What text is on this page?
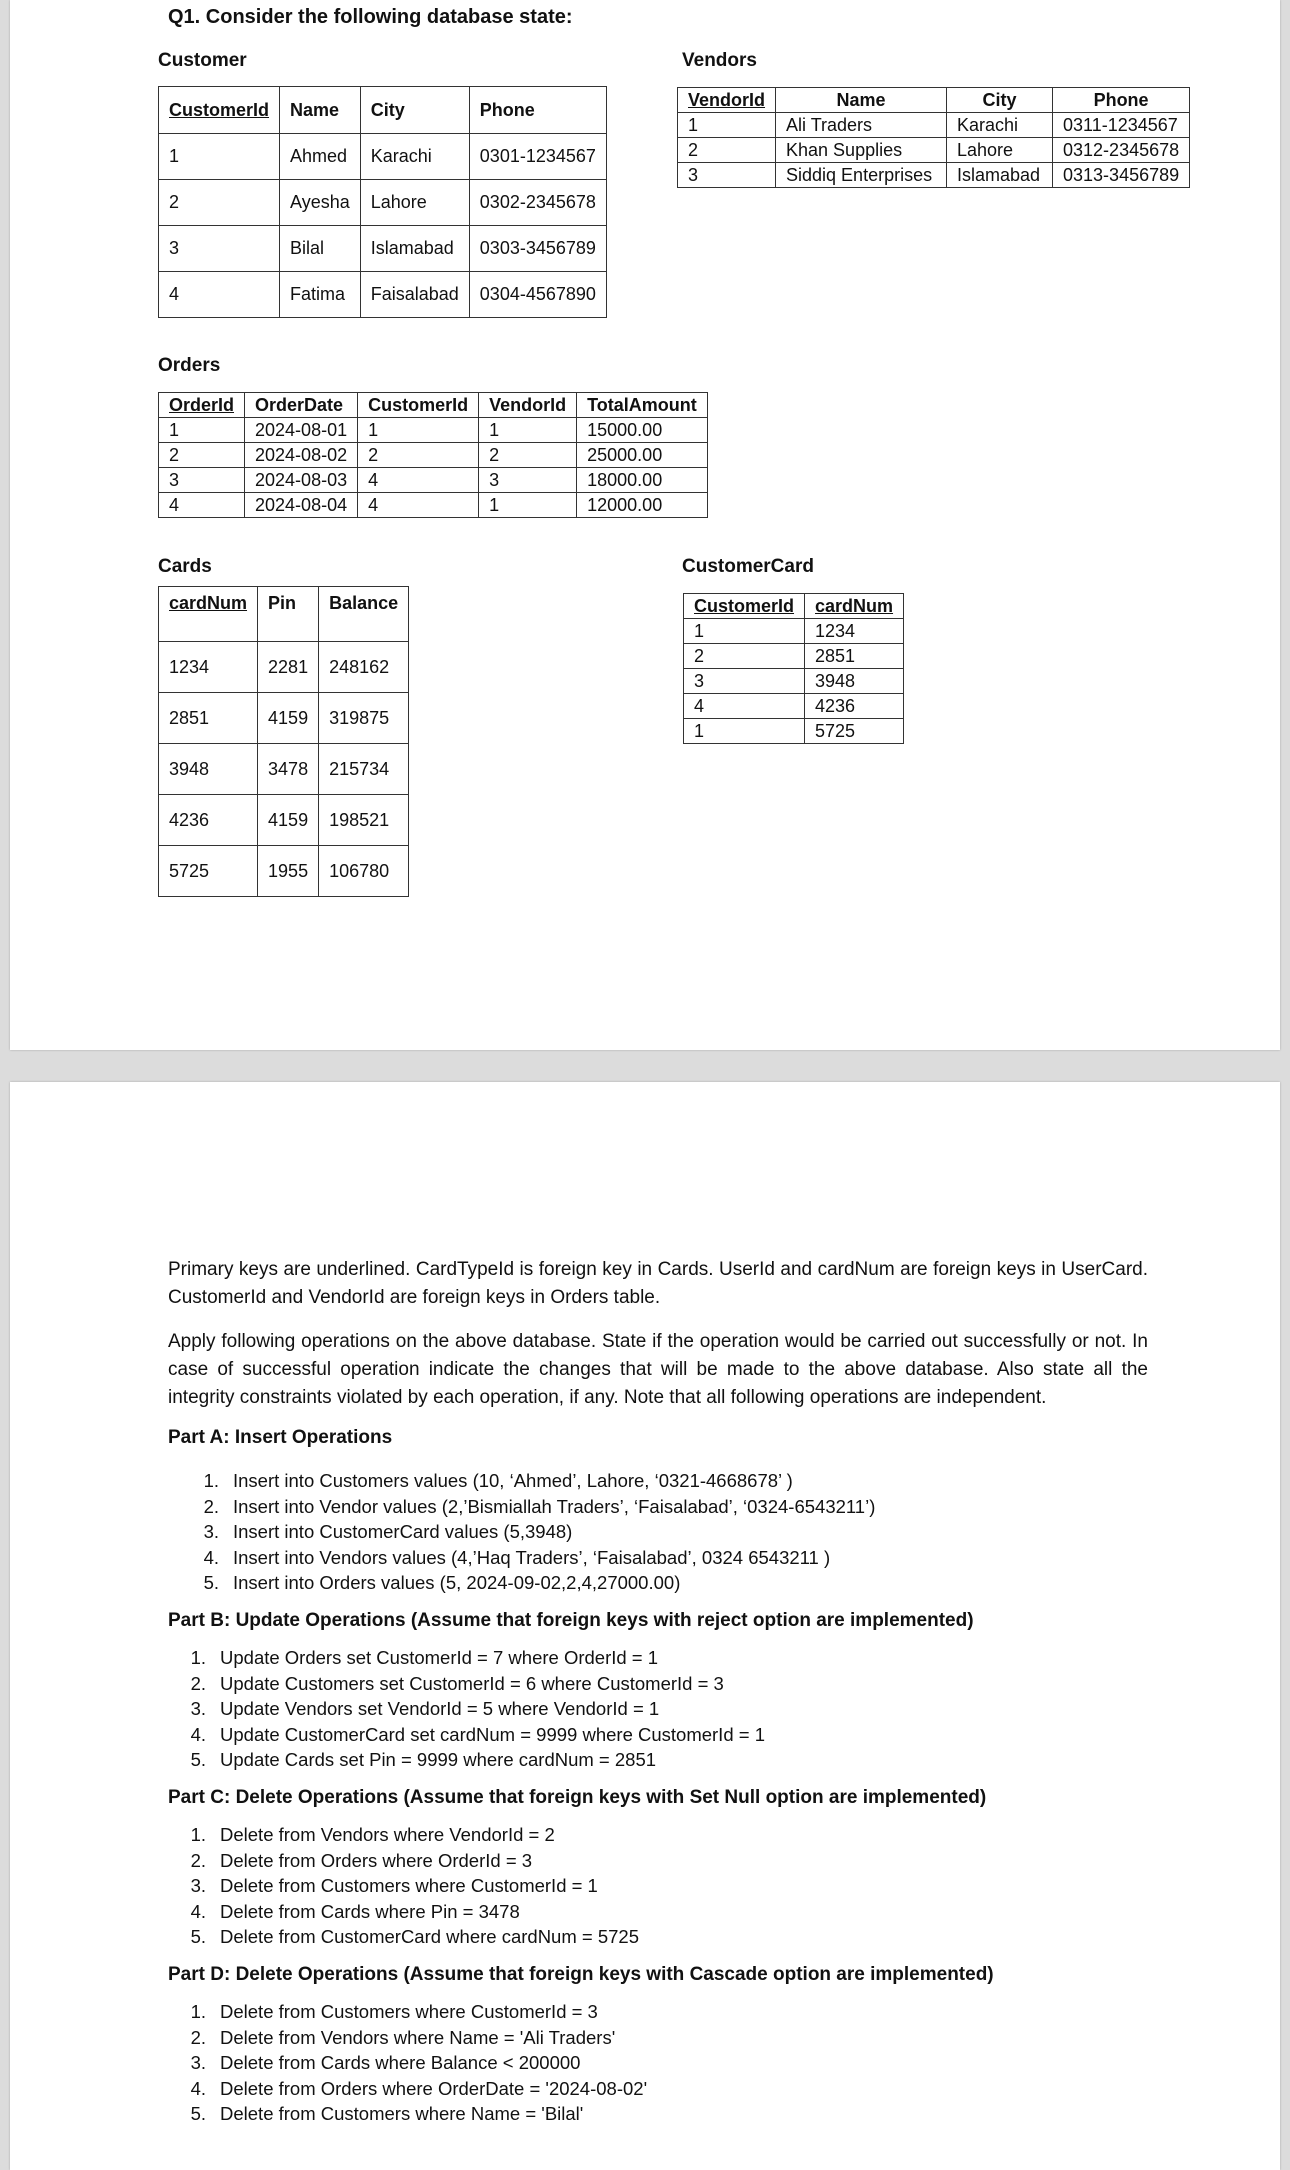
Q1. Consider the following database state:
Customer
CustomerId	Name	City	Phone
1	Ahmed	Karachi	0301-1234567
2	Ayesha	Lahore	0302-2345678
3	Bilal	Islamabad	0303-3456789
4	Fatima	Faisalabad	0304-4567890
Vendors
VendorId	Name	City	Phone
1	Ali Traders	Karachi	0311-1234567
2	Khan Supplies	Lahore	0312-2345678
3	Siddiq Enterprises	Islamabad	0313-3456789
Orders
OrderId	OrderDate	CustomerId	VendorId	TotalAmount
1	2024-08-01	1	1	15000.00
2	2024-08-02	2	2	25000.00
3	2024-08-03	4	3	18000.00
4	2024-08-04	4	1	12000.00
Cards
cardNum	Pin	Balance
1234	2281	248162
2851	4159	319875
3948	3478	215734
4236	4159	198521
5725	1955	106780
CustomerCard
CustomerId	cardNum
1	1234
2	2851
3	3948
4	4236
1	5725
Primary keys are underlined. CardTypeId is foreign key in Cards. UserId and cardNum are foreign keys in UserCard. CustomerId and VendorId are foreign keys in Orders table.
Apply following operations on the above database. State if the operation would be carried out successfully or not. In case of successful operation indicate the changes that will be made to the above database. Also state all the integrity constraints violated by each operation, if any. Note that all following operations are independent.
Part A: Insert Operations
1. Insert into Customers values (10, ‘Ahmed’, Lahore, ‘0321-4668678’ )
2. Insert into Vendor values (2,’Bismiallah Traders’, ‘Faisalabad’, ‘0324-6543211’)
3. Insert into CustomerCard values (5,3948)
4. Insert into Vendors values (4,’Haq Traders’, ‘Faisalabad’, 0324 6543211 )
5. Insert into Orders values (5, 2024-09-02,2,4,27000.00)
Part B: Update Operations (Assume that foreign keys with reject option are implemented)
1. Update Orders set CustomerId = 7 where OrderId = 1
2. Update Customers set CustomerId = 6 where CustomerId = 3
3. Update Vendors set VendorId = 5 where VendorId = 1
4. Update CustomerCard set cardNum = 9999 where CustomerId = 1
5. Update Cards set Pin = 9999 where cardNum = 2851
Part C: Delete Operations (Assume that foreign keys with Set Null option are implemented)
1. Delete from Vendors where VendorId = 2
2. Delete from Orders where OrderId = 3
3. Delete from Customers where CustomerId = 1
4. Delete from Cards where Pin = 3478
5. Delete from CustomerCard where cardNum = 5725
Part D: Delete Operations (Assume that foreign keys with Cascade option are implemented)
1. Delete from Customers where CustomerId = 3
2. Delete from Vendors where Name = 'Ali Traders'
3. Delete from Cards where Balance < 200000
4. Delete from Orders where OrderDate = '2024-08-02'
5. Delete from Customers where Name = 'Bilal'
